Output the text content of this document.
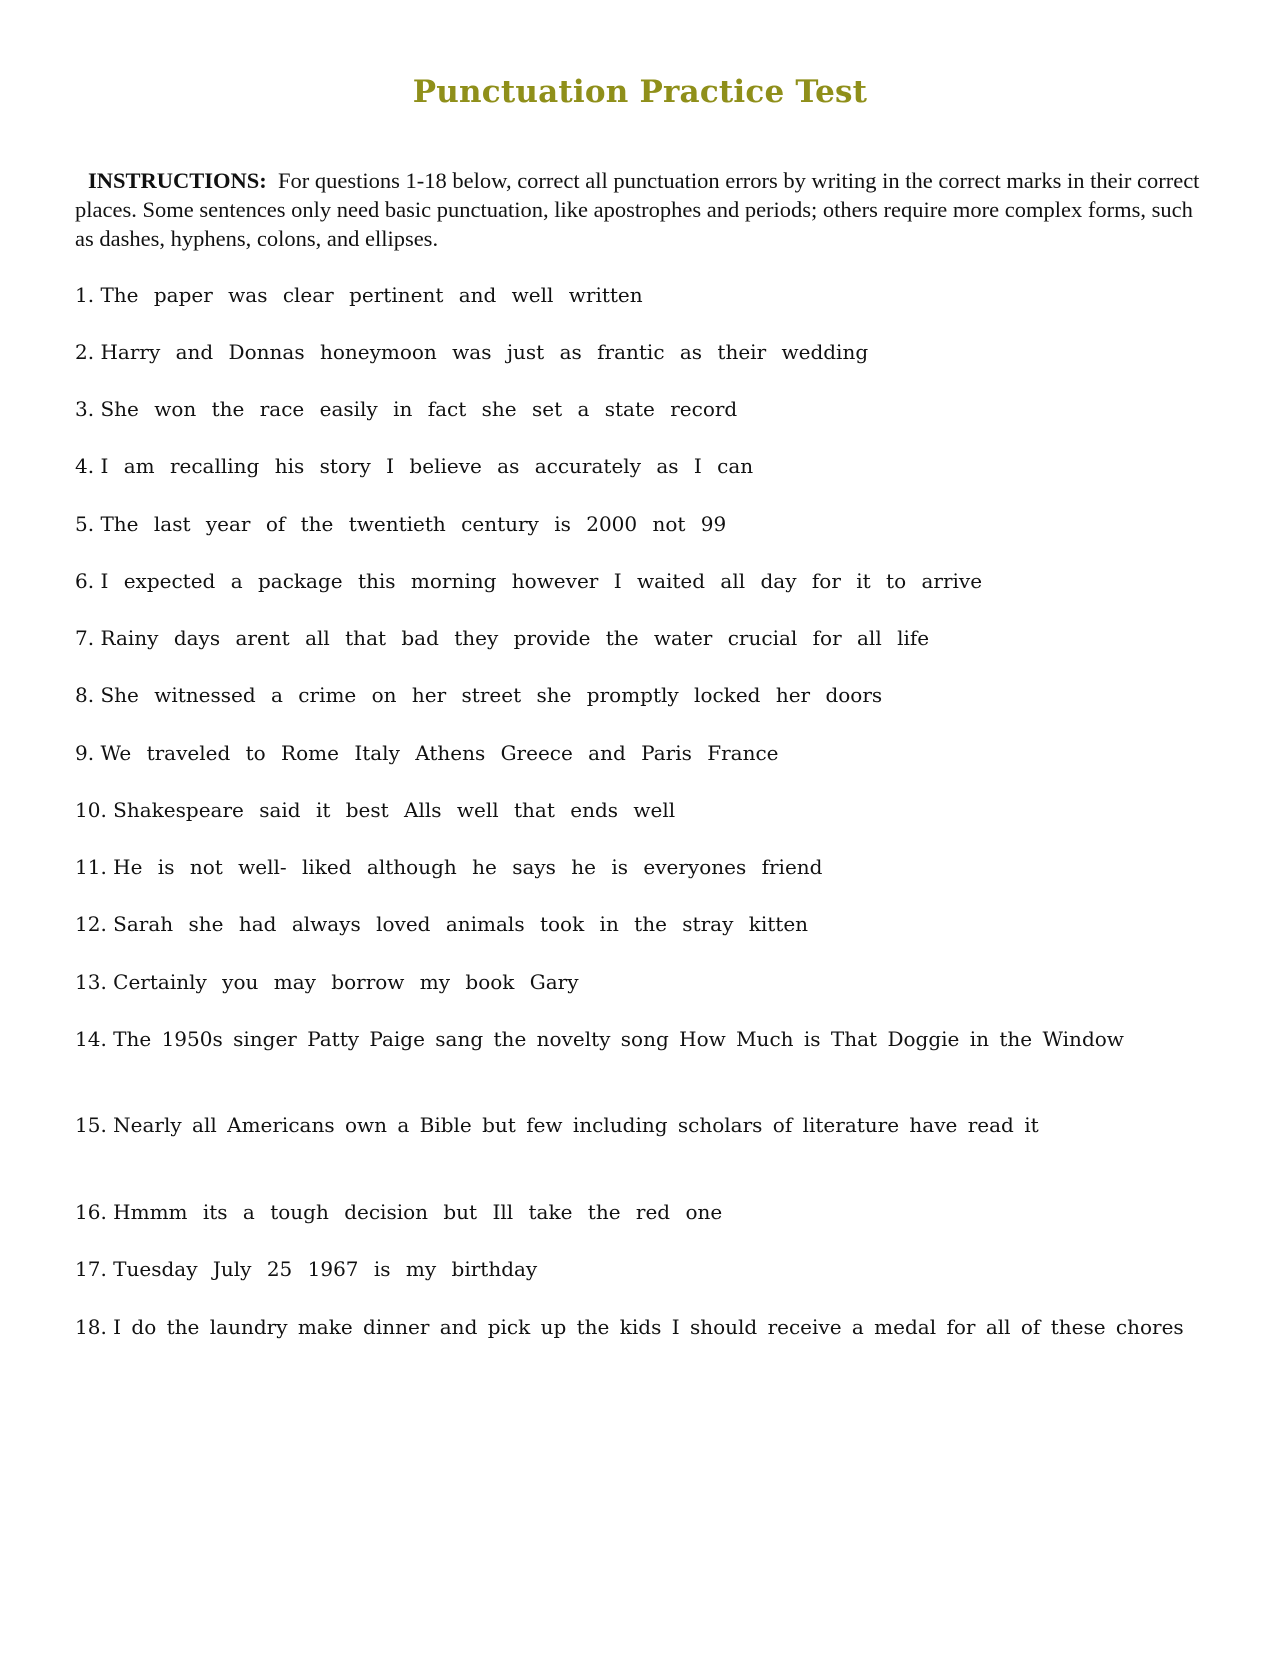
Punctuation Practice Test

INSTRUCTIONS: For questions 1-18 below, correct all punctuation errors by writing in the correct marks in their correct places. Some sentences only need basic punctuation, like apostrophes and periods; others require more complex forms, such as dashes, hyphens, colons, and ellipses.

1. The paper was clear pertinent and well written
2. Harry and Donnas honeymoon was just as frantic as their wedding
3. She won the race easily in fact she set a state record
4. I am recalling his story I believe as accurately as I can
5. The last year of the twentieth century is 2000 not 99
6. I expected a package this morning however I waited all day for it to arrive
7. Rainy days arent all that bad they provide the water crucial for all life
8. She witnessed a crime on her street she promptly locked her doors
9. We traveled to Rome Italy Athens Greece and Paris France
10. Shakespeare said it best Alls well that ends well
11. He is not well- liked although he says he is everyones friend
12. Sarah she had always loved animals took in the stray kitten
13. Certainly you may borrow my book Gary
14. The 1950s singer Patty Paige sang the novelty song How Much is That Doggie in the Window
15. Nearly all Americans own a Bible but few including scholars of literature have read it
16. Hmmm its a tough decision but Ill take the red one
17. Tuesday July 25 1967 is my birthday
18. I do the laundry make dinner and pick up the kids I should receive a medal for all of these chores
